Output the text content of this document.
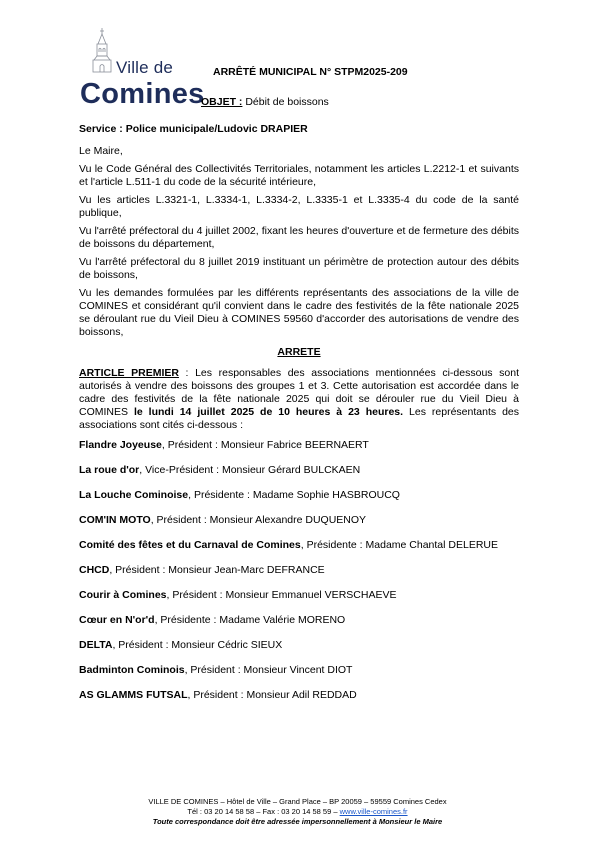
Ville de
Comines
ARRÊTÉ MUNICIPAL N° STPM2025-209
OBJET : Débit de boissons

Service : Police municipale/Ludovic DRAPIER

Le Maire,

Vu le Code Général des Collectivités Territoriales, notamment les articles L.2212-1 et suivants et l'article L.511-1 du code de la sécurité intérieure,

Vu les articles L.3321-1, L.3334-1, L.3334-2, L.3335-1 et L.3335-4 du code de la santé publique,

Vu l'arrêté préfectoral du 4 juillet 2002, fixant les heures d'ouverture et de fermeture des débits de boissons du département,

Vu l'arrêté préfectoral du 8 juillet 2019 instituant un périmètre de protection autour des débits de boissons,

Vu les demandes formulées par les différents représentants des associations de la ville de COMINES et considérant qu'il convient dans le cadre des festivités de la fête nationale 2025 se déroulant rue du Vieil Dieu à COMINES 59560 d'accorder des autorisations de vendre des boissons,

ARRETE

ARTICLE PREMIER : Les responsables des associations mentionnées ci-dessous sont autorisés à vendre des boissons des groupes 1 et 3. Cette autorisation est accordée dans le cadre des festivités de la fête nationale 2025 qui doit se dérouler rue du Vieil Dieu à COMINES le lundi 14 juillet 2025 de 10 heures à 23 heures. Les représentants des associations sont cités ci-dessous :

Flandre Joyeuse, Président : Monsieur Fabrice BEERNAERT

La roue d'or, Vice-Président : Monsieur Gérard BULCKAEN

La Louche Cominoise, Présidente : Madame Sophie HASBROUCQ

COM'IN MOTO, Président : Monsieur Alexandre DUQUENOY

Comité des fêtes et du Carnaval de Comines, Présidente : Madame Chantal DELERUE

CHCD, Président : Monsieur Jean-Marc DEFRANCE

Courir à Comines, Président : Monsieur Emmanuel VERSCHAEVE

Cœur en N'or'd, Présidente : Madame Valérie MORENO

DELTA, Président : Monsieur Cédric SIEUX

Badminton Cominois, Président : Monsieur Vincent DIOT

AS GLAMMS FUTSAL, Président : Monsieur Adil REDDAD

VILLE DE COMINES – Hôtel de Ville – Grand Place – BP 20059 – 59559 Comines Cedex
Tél : 03 20 14 58 58 – Fax : 03 20 14 58 59 – www.ville-comines.fr
Toute correspondance doit être adressée impersonnellement à Monsieur le Maire
